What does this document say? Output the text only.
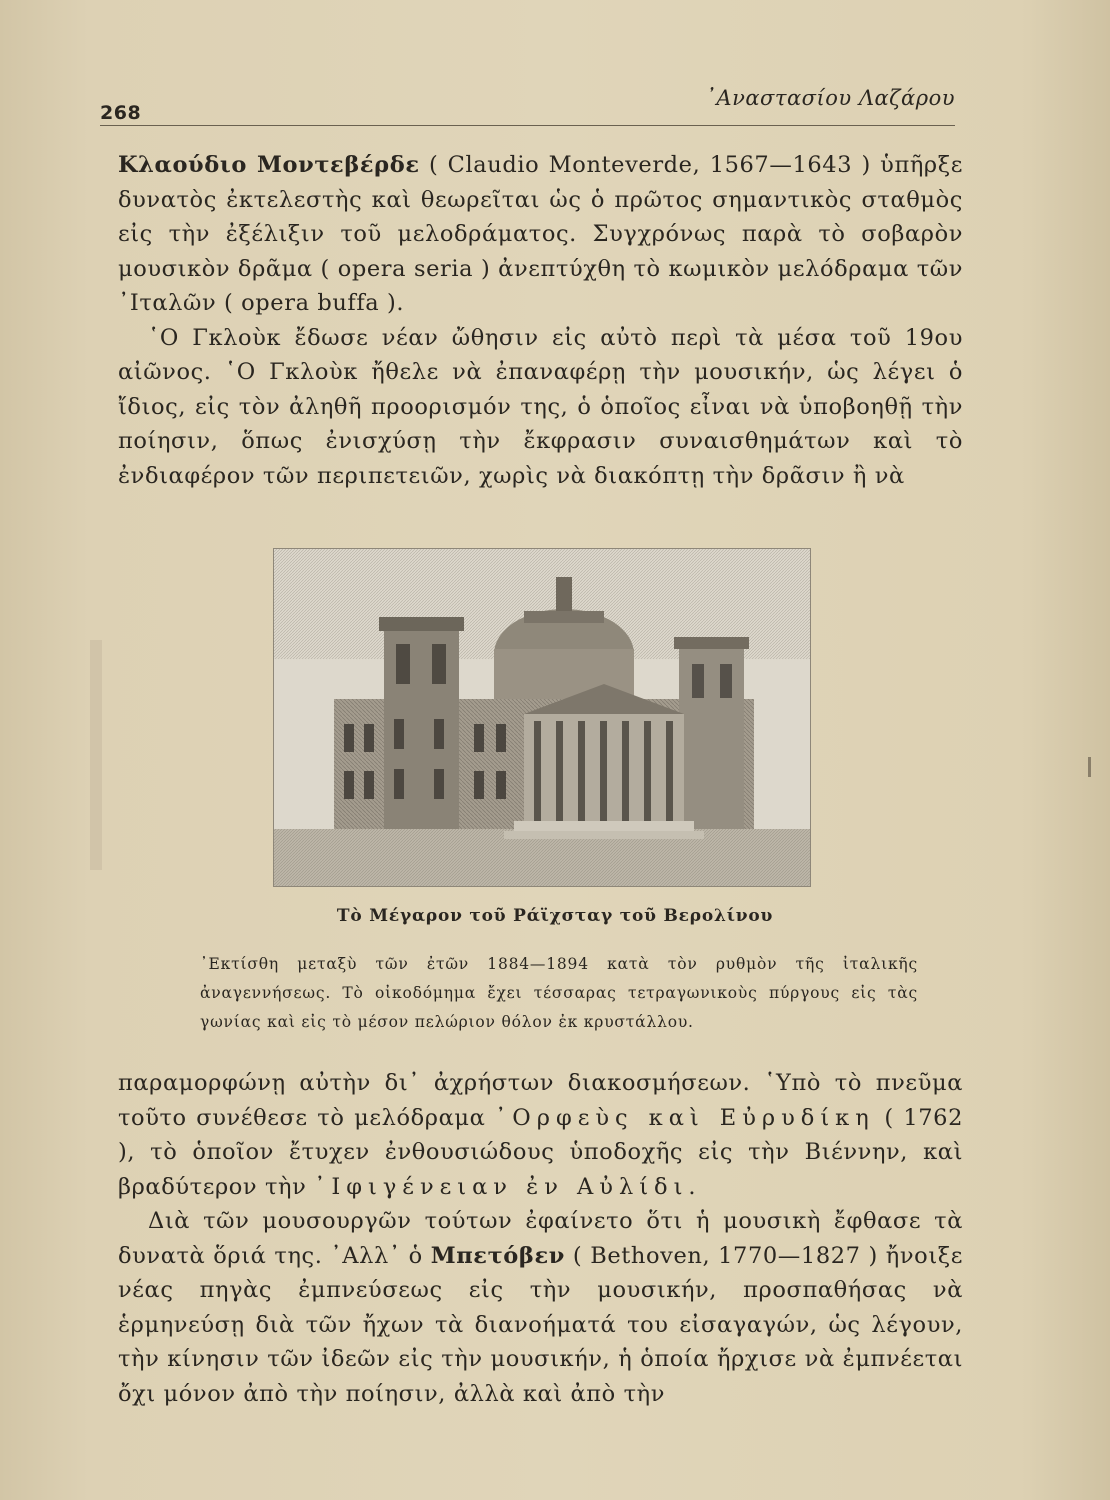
268
᾿Αναστασίου Λαζάρου

Κλαούδιο Μοντεβέρδε ( Claudio Monteverde, 1567—1643 ) ὑπῆρξε δυνατὸς ἐκτελεστὴς καὶ θεωρεῖται ὡς ὁ πρῶτος σημαντικὸς σταθμὸς εἰς τὴν ἐξέλιξιν τοῦ μελοδράματος. Συγχρόνως παρὰ τὸ σοβαρὸν μουσικὸν δρᾶμα ( opera seria ) ἀνεπτύχθη τὸ κωμικὸν μελόδραμα τῶν ᾿Ιταλῶν ( opera buffa ).

῾Ο Γκλοὺκ ἔδωσε νέαν ὤθησιν εἰς αὐτὸ περὶ τὰ μέσα τοῦ 19ου αἰῶνος. ῾Ο Γκλοὺκ ἤθελε νὰ ἐπαναφέρῃ τὴν μουσικήν, ὡς λέγει ὁ ἴδιος, εἰς τὸν ἀληθῆ προορισμόν της, ὁ ὁποῖος εἶναι νὰ ὑποβοηθῇ τὴν ποίησιν, ὅπως ἐνισχύσῃ τὴν ἔκφρασιν συναισθημάτων καὶ τὸ ἐνδιαφέρον τῶν περιπετειῶν, χωρὶς νὰ διακόπτῃ τὴν δρᾶσιν ἢ νὰ

Τὸ Μέγαρον τοῦ Ράϊχσταγ τοῦ Βερολίνου
᾿Εκτίσθη μεταξὺ τῶν ἐτῶν 1884—1894 κατὰ τὸν ρυθμὸν τῆς ἰταλικῆς ἀναγεννήσεως. Τὸ οἰκοδόμημα ἔχει τέσσαρας τετραγωνικοὺς πύργους εἰς τὰς γωνίας καὶ εἰς τὸ μέσον πελώριον θόλον ἐκ κρυστάλλου.

παραμορφώνῃ αὐτὴν δι᾿ ἀχρήστων διακοσμήσεων. ῾Υπὸ τὸ πνεῦμα τοῦτο συνέθεσε τὸ μελόδραμα ᾿Ορφεὺς καὶ Εὐρυδίκη ( 1762 ), τὸ ὁποῖον ἔτυχεν ἐνθουσιώδους ὑποδοχῆς εἰς τὴν Βιέννην, καὶ βραδύτερον τὴν ᾿Ιφιγένειαν ἐν Αὐλίδι.

Διὰ τῶν μουσουργῶν τούτων ἐφαίνετο ὅτι ἡ μουσικὴ ἔφθασε τὰ δυνατὰ ὅριά της. ᾿Αλλ᾿ ὁ Μπετόβεν ( Bethoven, 1770—1827 ) ἤνοιξε νέας πηγὰς ἐμπνεύσεως εἰς τὴν μουσικήν, προσπαθήσας νὰ ἑρμηνεύσῃ διὰ τῶν ἤχων τὰ διανοήματά του εἰσαγαγών, ὡς λέγουν, τὴν κίνησιν τῶν ἰδεῶν εἰς τὴν μουσικήν, ἡ ὁποία ἤρχισε νὰ ἐμπνέεται ὄχι μόνον ἀπὸ τὴν ποίησιν, ἀλλὰ καὶ ἀπὸ τὴν
